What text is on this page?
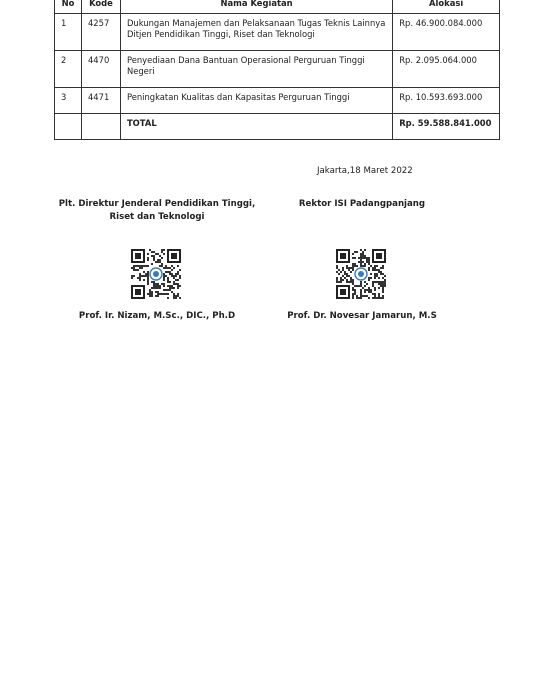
No	Kode	Nama Kegiatan	Alokasi
1	4257	Dukungan Manajemen dan Pelaksanaan Tugas Teknis Lainnya Ditjen Pendidikan Tinggi, Riset dan Teknologi	Rp. 46.900.084.000
2	4470	Penyediaan Dana Bantuan Operasional Perguruan Tinggi Negeri	Rp. 2.095.064.000
3	4471	Peningkatan Kualitas dan Kapasitas Perguruan Tinggi	Rp. 10.593.693.000
		TOTAL	Rp. 59.588.841.000
Jakarta,18 Maret 2022
Plt. Direktur Jenderal Pendidikan Tinggi,
Riset dan Teknologi
Rektor ISI Padangpanjang
Prof. Ir. Nizam, M.Sc., DIC., Ph.D	Prof. Dr. Novesar Jamarun, M.S
